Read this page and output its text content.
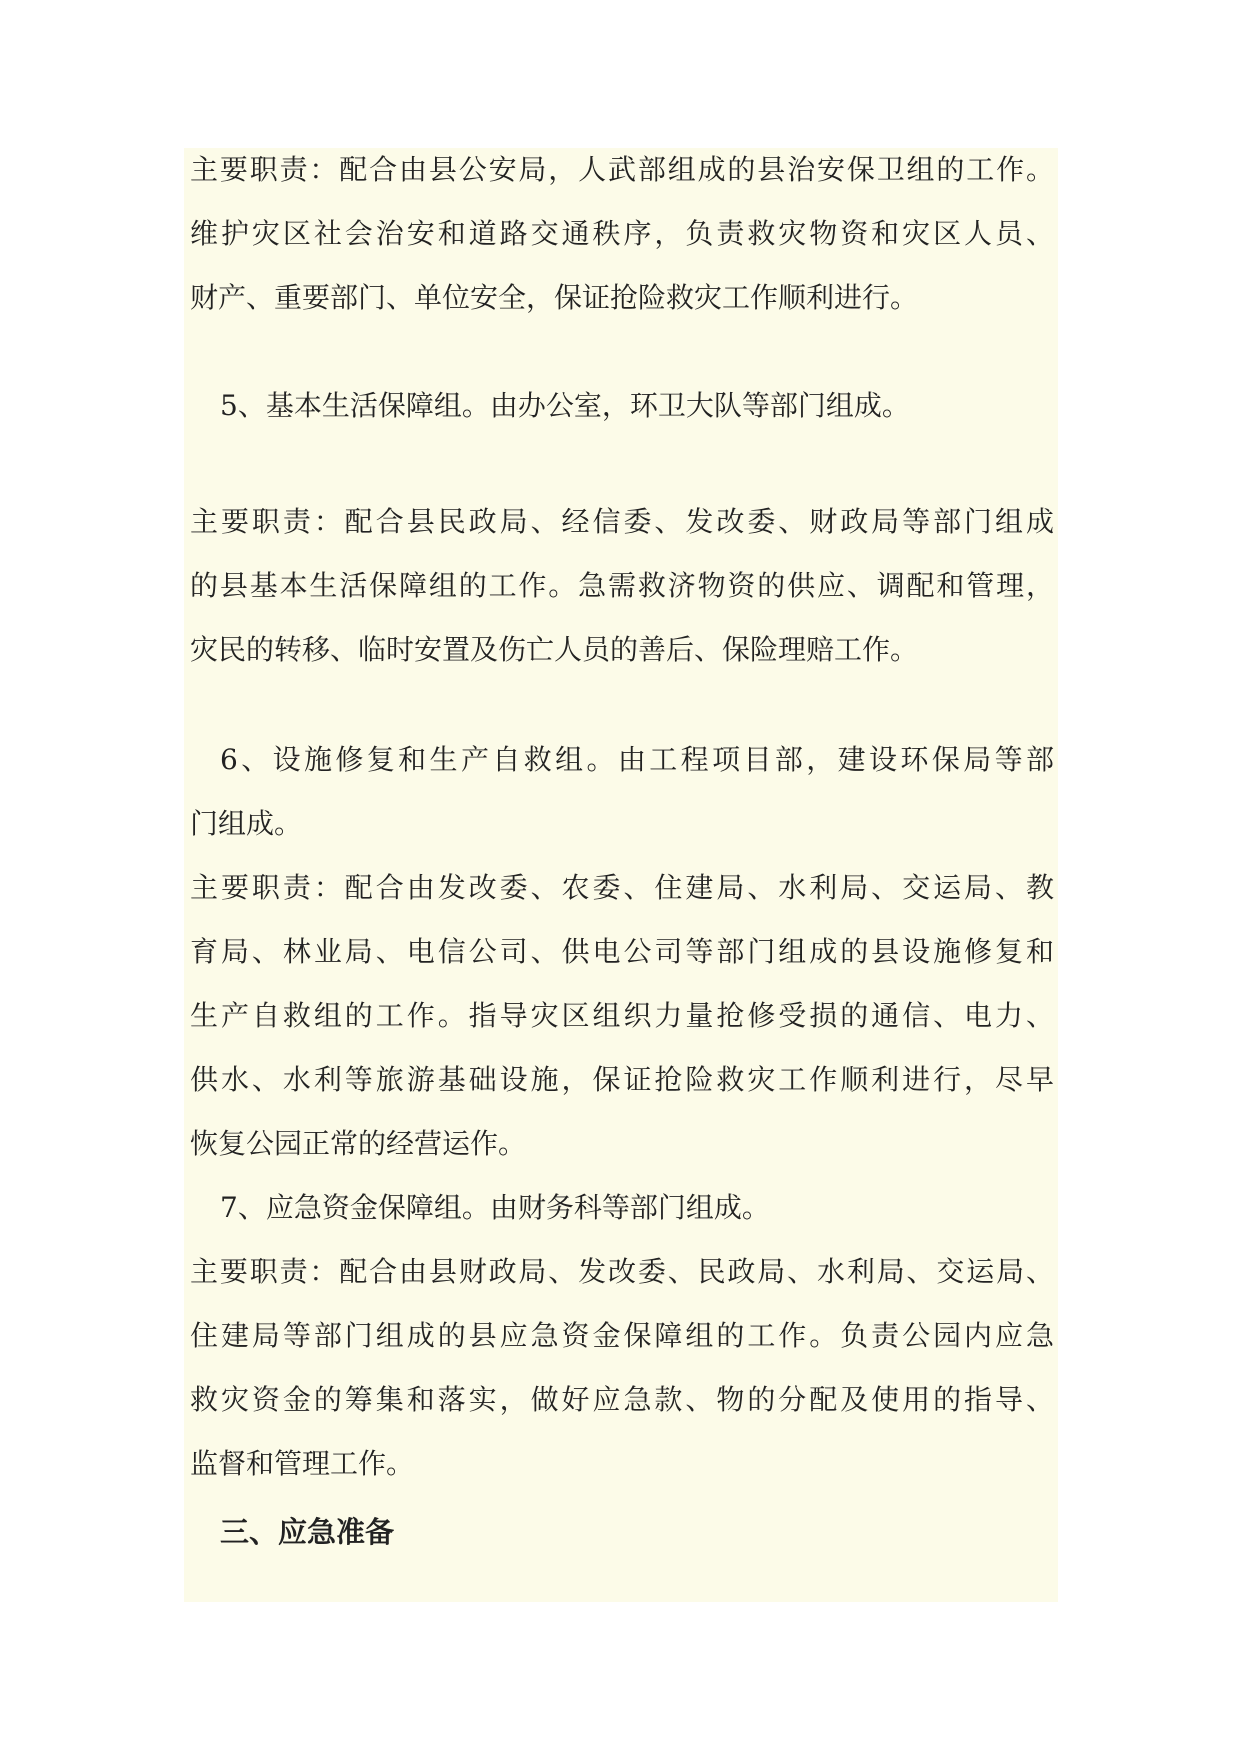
主要职责：配合由县公安局，人武部组成的县治安保卫组的工作。
维护灾区社会治安和道路交通秩序，负责救灾物资和灾区人员、
财产、重要部门、单位安全，保证抢险救灾工作顺利进行。
5、基本生活保障组。由办公室，环卫大队等部门组成。
主要职责：配合县民政局、经信委、发改委、财政局等部门组成
的县基本生活保障组的工作。急需救济物资的供应、调配和管理，
灾民的转移、临时安置及伤亡人员的善后、保险理赔工作。
6、设施修复和生产自救组。由工程项目部，建设环保局等部
门组成。
主要职责：配合由发改委、农委、住建局、水利局、交运局、教
育局、林业局、电信公司、供电公司等部门组成的县设施修复和
生产自救组的工作。指导灾区组织力量抢修受损的通信、电力、
供水、水利等旅游基础设施，保证抢险救灾工作顺利进行，尽早
恢复公园正常的经营运作。
7、应急资金保障组。由财务科等部门组成。
主要职责：配合由县财政局、发改委、民政局、水利局、交运局、
住建局等部门组成的县应急资金保障组的工作。负责公园内应急
救灾资金的筹集和落实，做好应急款、物的分配及使用的指导、
监督和管理工作。
三、应急准备
